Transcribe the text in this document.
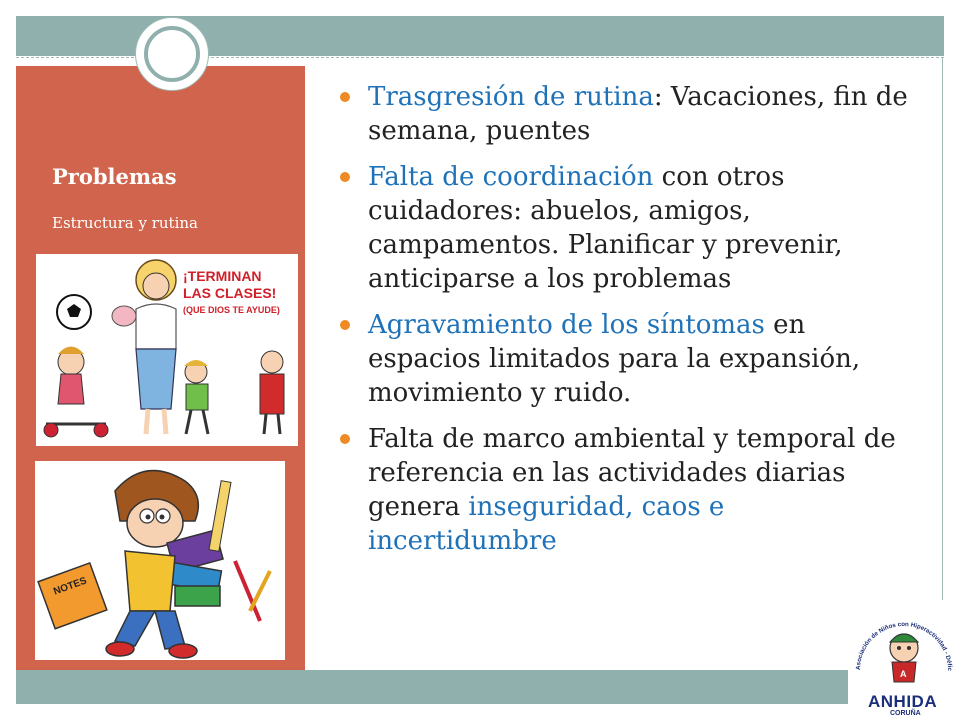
Problemas

Estructura y rutina

¡TERMINAN
LAS CLASES!
(QUE DIOS TE AYUDE)
NOTES
Trasgresión de rutina: Vacaciones, fin de semana, puentes
Falta de coordinación con otros cuidadores: abuelos, amigos, campamentos. Planificar y prevenir, anticiparse a los problemas
Agravamiento de los síntomas en espacios limitados para la expansión, movimiento y ruido.
Falta de marco ambiental y temporal de referencia en las actividades diarias genera inseguridad, caos e incertidumbre
Asociación de Niños con Hiperactividad - Défic
A
ANHIDA
CORUÑA
